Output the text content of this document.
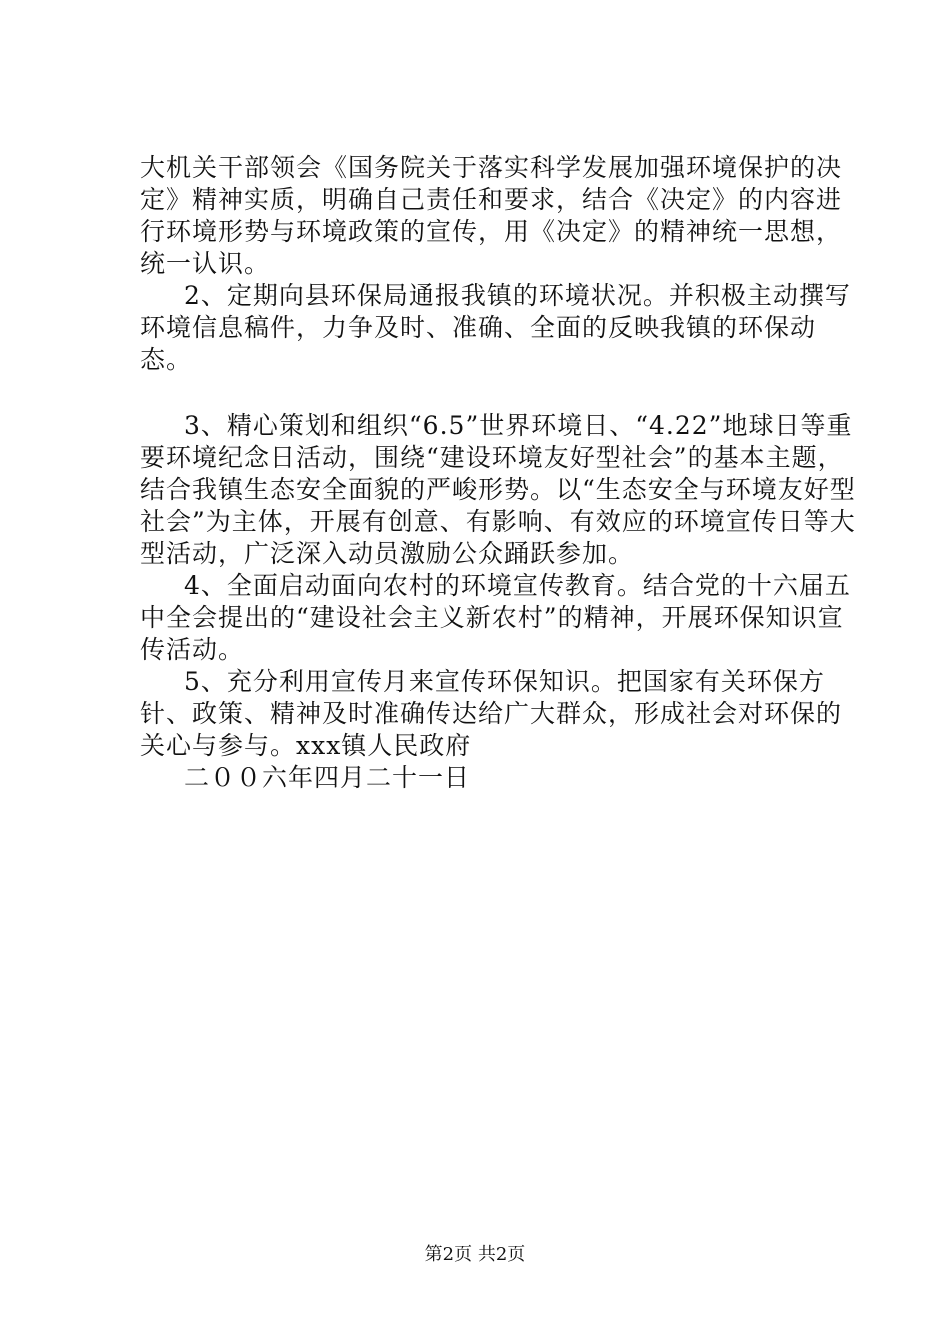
大机关干部领会《国务院关于落实科学发展加强环境保护的决定》精神实质，明确自己责任和要求，结合《决定》的内容进行环境形势与环境政策的宣传，用《决定》的精神统一思想，统一认识。

2、定期向县环保局通报我镇的环境状况。并积极主动撰写环境信息稿件，力争及时、准确、全面的反映我镇的环保动态。

3、精心策划和组织“6.5”世界环境日、“4.22”地球日等重要环境纪念日活动，围绕“建设环境友好型社会”的基本主题，结合我镇生态安全面貌的严峻形势。以“生态安全与环境友好型社会”为主体，开展有创意、有影响、有效应的环境宣传日等大型活动，广泛深入动员激励公众踊跃参加。

4、全面启动面向农村的环境宣传教育。结合党的十六届五中全会提出的“建设社会主义新农村”的精神，开展环保知识宣传活动。

5、充分利用宣传月来宣传环保知识。把国家有关环保方针、政策、精神及时准确传达给广大群众，形成社会对环保的关心与参与。xxx镇人民政府

二００六年四月二十一日

第2页 共2页
